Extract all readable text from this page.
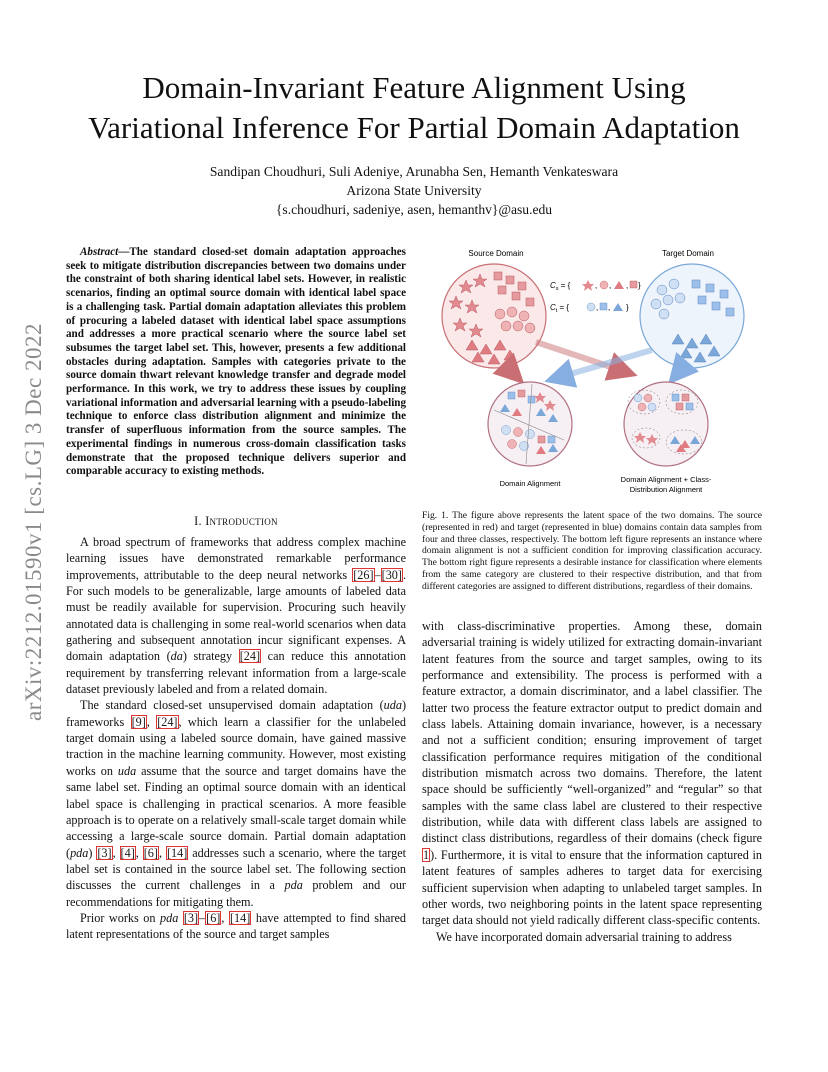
arXiv:2212.01590v1 [cs.LG] 3 Dec 2022
Domain-Invariant Feature Alignment Using
Variational Inference For Partial Domain Adaptation
Sandipan Choudhuri, Suli Adeniye, Arunabha Sen, Hemanth Venkateswara
Arizona State University
{s.choudhuri, sadeniye, asen, hemanthv}@asu.edu

Abstract—The standard closed-set domain adaptation approaches seek to mitigate distribution discrepancies between two domains under the constraint of both sharing identical label sets. However, in realistic scenarios, finding an optimal source domain with identical label space is a challenging task. Partial domain adaptation alleviates this problem of procuring a labeled dataset with identical label space assumptions and addresses a more practical scenario where the source label set subsumes the target label set. This, however, presents a few additional obstacles during adaptation. Samples with categories private to the source domain thwart relevant knowledge transfer and degrade model performance. In this work, we try to address these issues by coupling variational information and adversarial learning with a pseudo-labeling technique to enforce class distribution alignment and minimize the transfer of superfluous information from the source samples. The experimental findings in numerous cross-domain classification tasks demonstrate that the proposed technique delivers superior and comparable accuracy to existing methods.

I. Introduction

A broad spectrum of frameworks that address complex machine learning issues have demonstrated remarkable performance improvements, attributable to the deep neural networks [26]–[30]. For such models to be generalizable, large amounts of labeled data must be readily available for supervision. Procuring such heavily annotated data is challenging in some real-world scenarios when data gathering and subsequent annotation incur significant expenses. A domain adaptation (da) strategy [24] can reduce this annotation requirement by transferring relevant information from a large-scale dataset previously labeled and from a related domain.

The standard closed-set unsupervised domain adaptation (uda) frameworks [9], [24], which learn a classifier for the unlabeled target domain using a labeled source domain, have gained massive traction in the machine learning community. However, most existing works on uda assume that the source and target domains have the same label set. Finding an optimal source domain with an identical label space is challenging in practical scenarios. A more feasible approach is to operate on a relatively small-scale target domain while accessing a large-scale source domain. Partial domain adaptation (pda) [3], [4], [6], [14] addresses such a scenario, where the target label set is contained in the source label set. The following section discusses the current challenges in a pda problem and our recommendations for mitigating them.

Prior works on pda [3]–[6], [14] have attempted to find shared latent representations of the source and target samples

Source Domain	Target Domain
$C_s$ = {	, , , }
$C_t$ = {	, , }
Domain Alignment	Domain Alignment + Class-
Distribution Alignment
Fig. 1. The figure above represents the latent space of the two domains. The source (represented in red) and target (represented in blue) domains contain data samples from four and three classes, respectively. The bottom left figure represents an instance where domain alignment is not a sufficient condition for improving classification accuracy. The bottom right figure represents a desirable instance for classification where elements from the same category are clustered to their respective distribution, and that from different categories are assigned to different distributions, regardless of their domains.

with class-discriminative properties. Among these, domain adversarial training is widely utilized for extracting domain-invariant latent features from the source and target samples, owing to its performance and extensibility. The process is performed with a feature extractor, a domain discriminator, and a label classifier. The latter two process the feature extractor output to predict domain and class labels. Attaining domain invariance, however, is a necessary and not a sufficient condition; ensuring improvement of target classification performance requires mitigation of the conditional distribution mismatch across two domains. Therefore, the latent space should be sufficiently “well-organized” and “regular” so that samples with the same class label are clustered to their respective distribution, while data with different class labels are assigned to distinct class distributions, regardless of their domains (check figure 1). Furthermore, it is vital to ensure that the information captured in latent features of samples adheres to target data for exercising sufficient supervision when adapting to unlabeled target samples. In other words, two neighboring points in the latent space representing target data should not yield radically different class-specific contents.

We have incorporated domain adversarial training to address
